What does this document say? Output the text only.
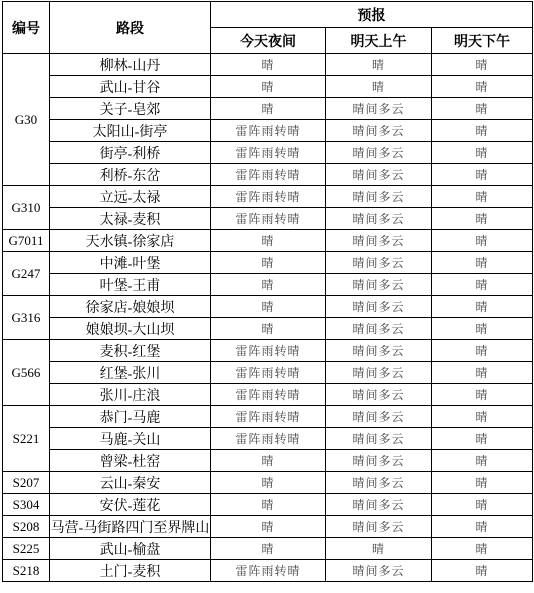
编号	路段	预报		
		今天夜间	明天上午	明天下午
G30	柳林-山丹	晴	晴	晴
	武山-甘谷	晴	晴	晴
	关子-皂郊	晴	晴间多云	晴
	太阳山-街亭	雷阵雨转晴	晴间多云	晴
	街亭-利桥	雷阵雨转晴	晴间多云	晴
	利桥-东岔	雷阵雨转晴	晴间多云	晴
G310	立远-太禄	雷阵雨转晴	晴间多云	晴
	太禄-麦积	雷阵雨转晴	晴间多云	晴
G7011	天水镇-徐家店	晴	晴间多云	晴
G247	中滩-叶堡	晴	晴间多云	晴
	叶堡-王甫	晴	晴间多云	晴
G316	徐家店-娘娘坝	晴	晴间多云	晴
	娘娘坝-大山坝	晴	晴间多云	晴
G566	麦积-红堡	雷阵雨转晴	晴间多云	晴
	红堡-张川	雷阵雨转晴	晴间多云	晴
	张川-庄浪	雷阵雨转晴	晴间多云	晴
S221	恭门-马鹿	雷阵雨转晴	晴间多云	晴
	马鹿-关山	雷阵雨转晴	晴间多云	晴
	曾梁-杜窑	晴	晴间多云	晴
S207	云山-秦安	晴	晴间多云	晴
S304	安伏-莲花	晴	晴间多云	晴
S208	马营-马街路四门至界牌山	晴	晴间多云	晴
S225	武山-榆盘	晴	晴	晴
S218	土门-麦积	雷阵雨转晴	晴间多云	晴
